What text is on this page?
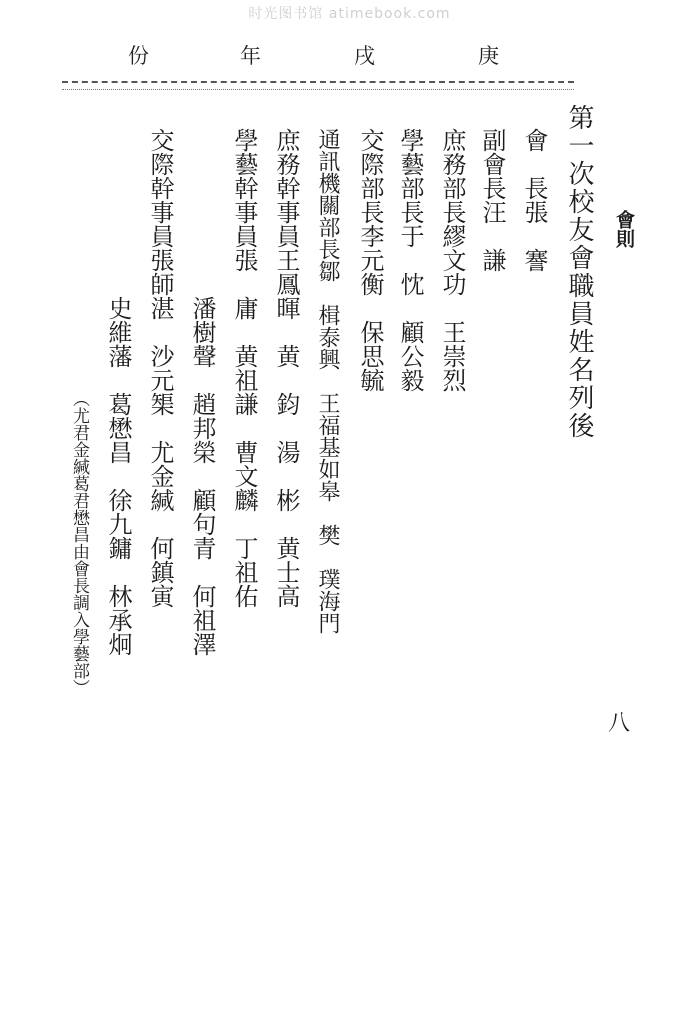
时光图书馆 atimebook.com
庚
戌
年
份
會則
第一次校友會職員姓名列後
會　長張　謇
副會長汪　謙
庶務部長繆文功　王崇烈
學藝部長于　忱　顧公毅
交際部長李元衡　保思毓
通訊機關部長鄒　楫泰興　王福基如皋　樊　璞海門
庶務幹事員王鳳暉　黄　鈞　湯　彬　黄士高
學藝幹事員張　庸　黄祖謙　曹文麟　丁祖佑
潘樹聲　趙邦榮　顧句青　何祖澤
交際幹事員張師湛　沙元榘　尤金緘　何鎮寅
史維藩　葛懋昌　徐九鏞　林承炯
（尤君金緘葛君懋昌由會長調入學藝部）
八
